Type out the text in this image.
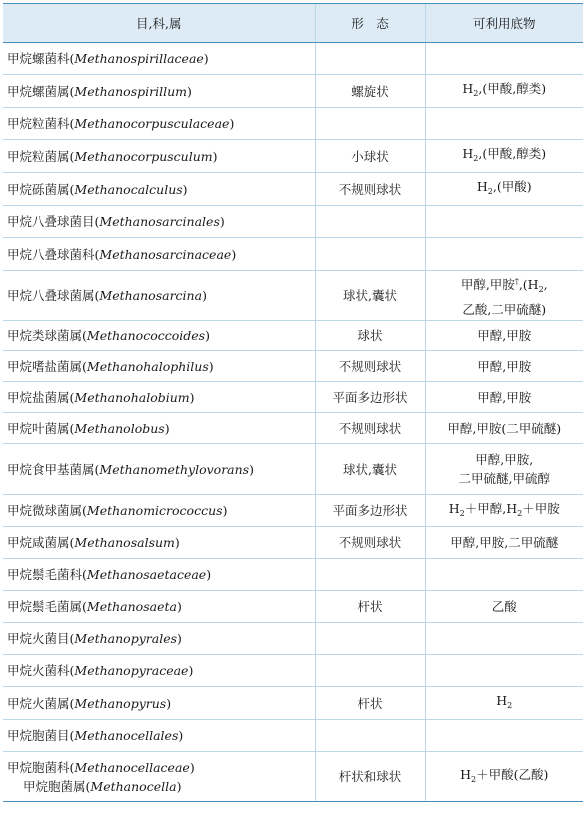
目,科,属	形　态	可利用底物
甲烷螺菌科(Methanospirillaceae)		
甲烷螺菌属(Methanospirillum)	螺旋状	$H_2$,(甲酸,醇类)
甲烷粒菌科(Methanocorpusculaceae)		
甲烷粒菌属(Methanocorpusculum)	小球状	$H_2$,(甲酸,醇类)
甲烷砾菌属(Methanocalculus)	不规则球状	$H_2$,(甲酸)
甲烷八叠球菌目(Methanosarcinales)		
甲烷八叠球菌科(Methanosarcinaceae)		
甲烷八叠球菌属(Methanosarcina)	球状,囊状	甲醇,甲胺$^\dagger,(H_2$,
乙酸,二甲硫醚)
甲烷类球菌属(Methanococcoides)	球状	甲醇,甲胺
甲烷嗜盐菌属(Methanohalophilus)	不规则球状	甲醇,甲胺
甲烷盐菌属(Methanohalobium)	平面多边形状	甲醇,甲胺
甲烷叶菌属(Methanolobus)	不规则球状	甲醇,甲胺(二甲硫醚)
甲烷食甲基菌属(Methanomethylovorans)	球状,囊状	甲醇,甲胺,
二甲硫醚,甲硫醇
甲烷微球菌属(Methanomicrococcus)	平面多边形状	$H_2+$甲醇$,H_2+$甲胺
甲烷咸菌属(Methanosalsum)	不规则球状	甲醇,甲胺,二甲硫醚
甲烷鬃毛菌科(Methanosaetaceae)		
甲烷鬃毛菌属(Methanosaeta)	杆状	乙酸
甲烷火菌目(Methanopyrales)		
甲烷火菌科(Methanopyraceae)		
甲烷火菌属(Methanopyrus)	杆状	$H_2$
甲烷胞菌目(Methanocellales)		
甲烷胞菌科(Methanocellaceae)
甲烷胞菌属(Methanocella)	杆状和球状	$H_2+$甲酸(乙酸)
